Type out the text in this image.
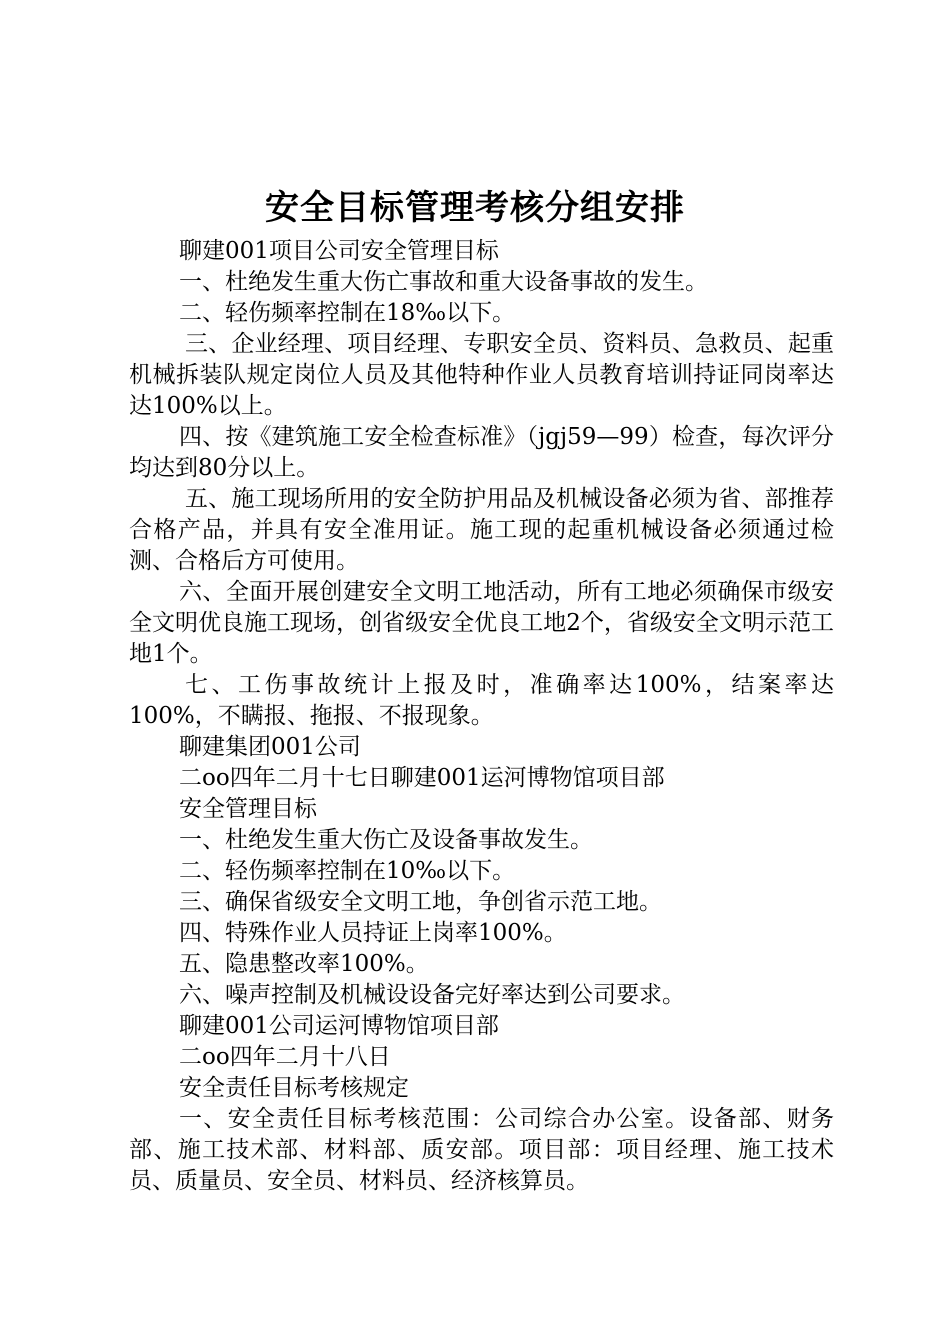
安全目标管理考核分组安排

聊建001项目公司安全管理目标

一、杜绝发生重大伤亡事故和重大设备事故的发生。

二、轻伤频率控制在18‰以下。

三、企业经理、项目经理、专职安全员、资料员、急救员、起重机械拆装队规定岗位人员及其他特种作业人员教育培训持证同岗率达达100%以上。

四、按《建筑施工安全检查标准》（jgj59—99）检查，每次评分均达到80分以上。

五、施工现场所用的安全防护用品及机械设备必须为省、部推荐合格产品，并具有安全准用证。施工现的起重机械设备必须通过检测、合格后方可使用。

六、全面开展创建安全文明工地活动，所有工地必须确保市级安全文明优良施工现场，创省级安全优良工地2个，省级安全文明示范工地1个。

七、工伤事故统计上报及时，准确率达100%，结案率达100%，不瞒报、拖报、不报现象。

聊建集团001公司

二oo四年二月十七日聊建001运河博物馆项目部

安全管理目标

一、杜绝发生重大伤亡及设备事故发生。

二、轻伤频率控制在10‰以下。

三、确保省级安全文明工地，争创省示范工地。

四、特殊作业人员持证上岗率100%。

五、隐患整改率100%。

六、噪声控制及机械设设备完好率达到公司要求。

聊建001公司运河博物馆项目部

二oo四年二月十八日

安全责任目标考核规定

一、安全责任目标考核范围：公司综合办公室。设备部、财务部、施工技术部、材料部、质安部。项目部：项目经理、施工技术员、质量员、安全员、材料员、经济核算员。
